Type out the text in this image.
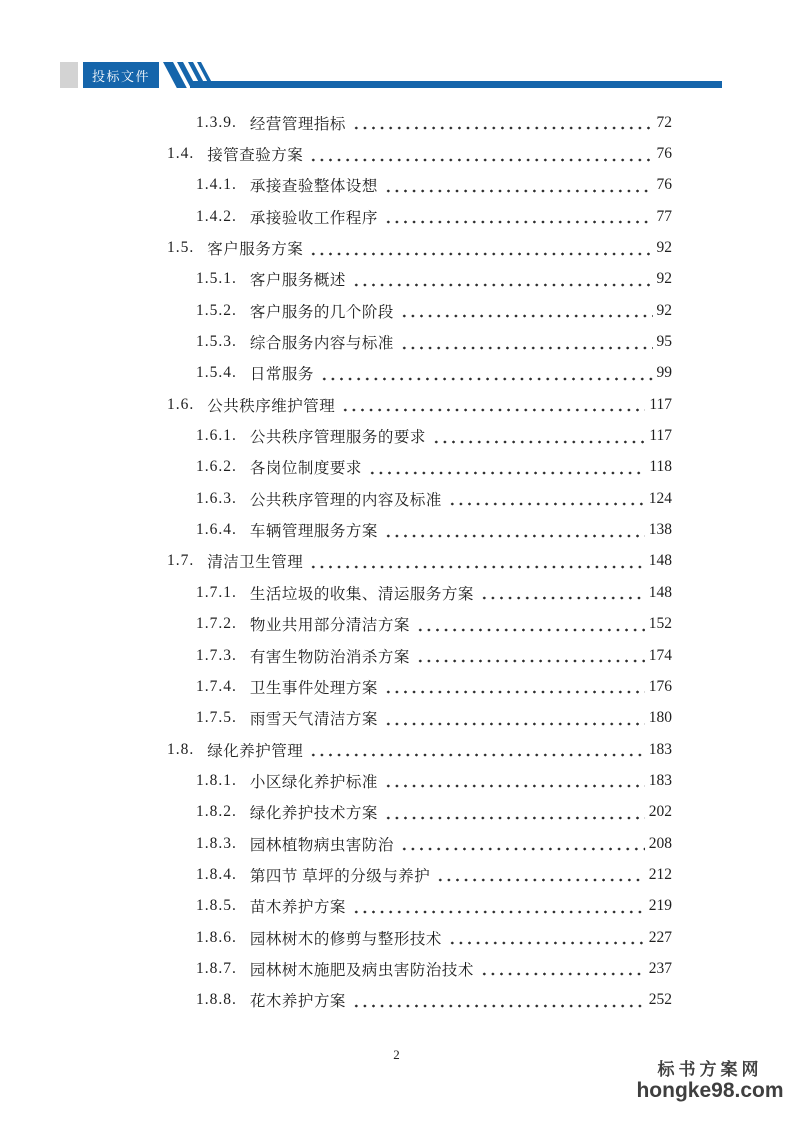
投标文件
1.3.9. 经营管理指标	72
1.4. 接管查验方案	76
1.4.1. 承接查验整体设想	76
1.4.2. 承接验收工作程序	77
1.5. 客户服务方案	92
1.5.1. 客户服务概述	92
1.5.2. 客户服务的几个阶段	92
1.5.3. 综合服务内容与标准	95
1.5.4. 日常服务	99
1.6. 公共秩序维护管理	117
1.6.1. 公共秩序管理服务的要求	117
1.6.2. 各岗位制度要求	118
1.6.3. 公共秩序管理的内容及标准	124
1.6.4. 车辆管理服务方案	138
1.7. 清洁卫生管理	148
1.7.1. 生活垃圾的收集、清运服务方案	148
1.7.2. 物业共用部分清洁方案	152
1.7.3. 有害生物防治消杀方案	174
1.7.4. 卫生事件处理方案	176
1.7.5. 雨雪天气清洁方案	180
1.8. 绿化养护管理	183
1.8.1. 小区绿化养护标准	183
1.8.2. 绿化养护技术方案	202
1.8.3. 园林植物病虫害防治	208
1.8.4. 第四节 草坪的分级与养护	212
1.8.5. 苗木养护方案	219
1.8.6. 园林树木的修剪与整形技术	227
1.8.7. 园林树木施肥及病虫害防治技术	237
1.8.8. 花木养护方案	252
2
标书方案网
hongke98.com
